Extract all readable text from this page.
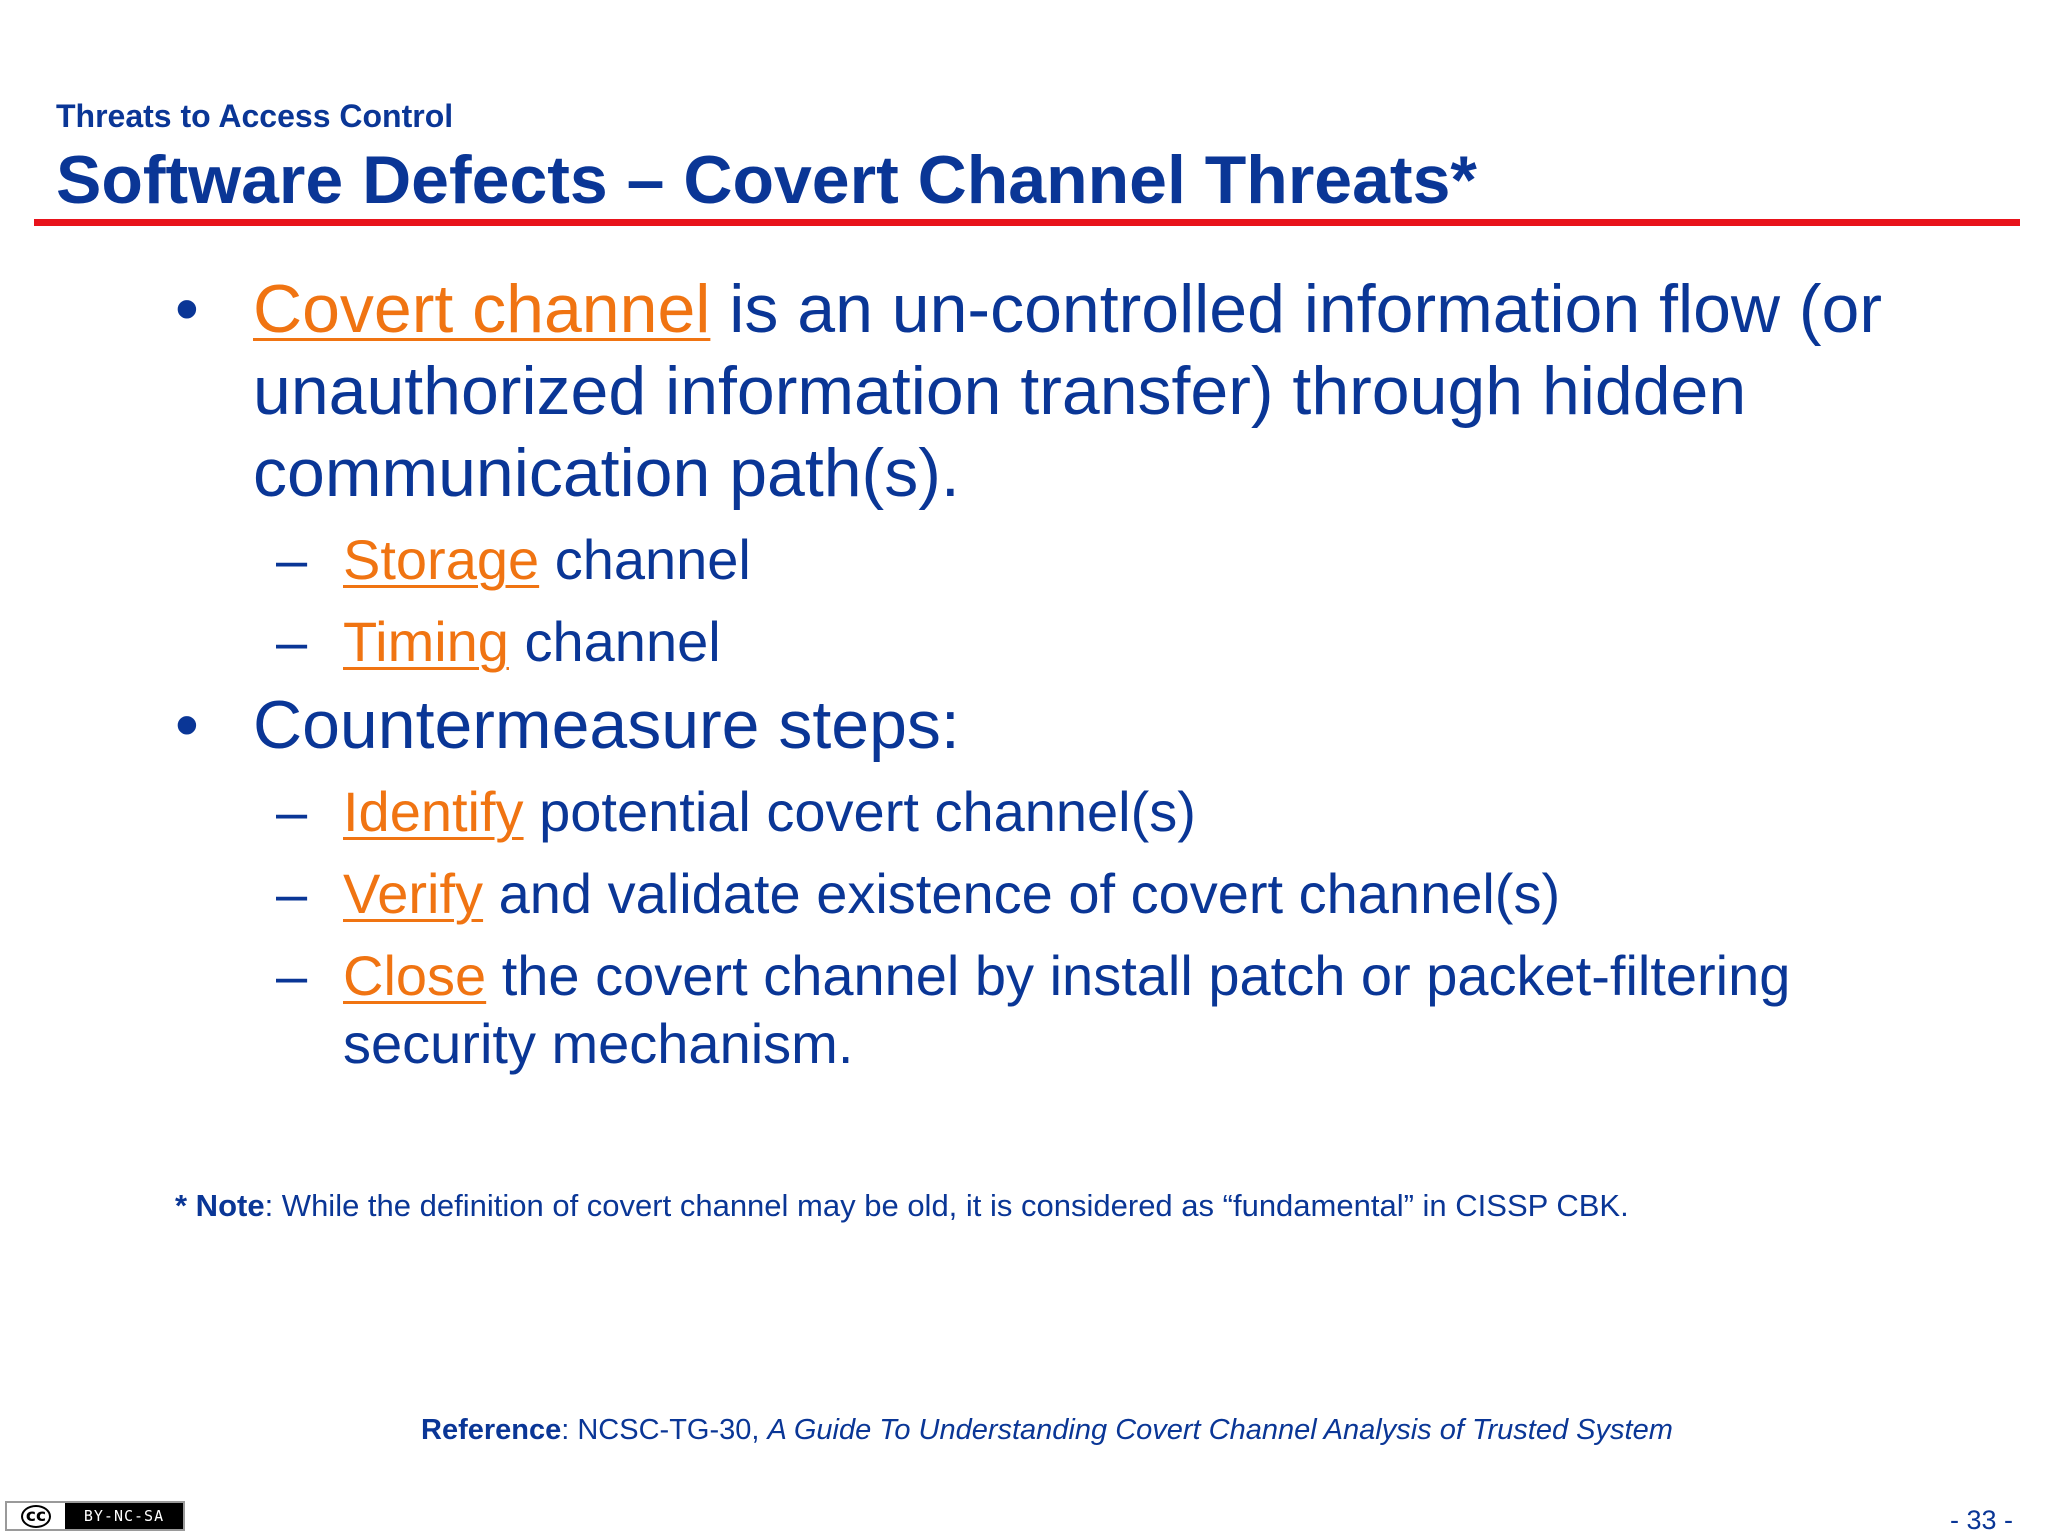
Threats to Access Control
Software Defects – Covert Channel Threats*
• Covert channel is an un-controlled information flow (or unauthorized information transfer) through hidden communication path(s).
– Storage channel
– Timing channel
• Countermeasure steps:
– Identify potential covert channel(s)
– Verify and validate existence of covert channel(s)
– Close the covert channel by install patch or packet-filtering security mechanism.
* Note: While the definition of covert channel may be old, it is considered as “fundamental” in CISSP CBK.
Reference: NCSC-TG-30, A Guide To Understanding Covert Channel Analysis of Trusted System
cc	BY-NC-SA	- 33 -
